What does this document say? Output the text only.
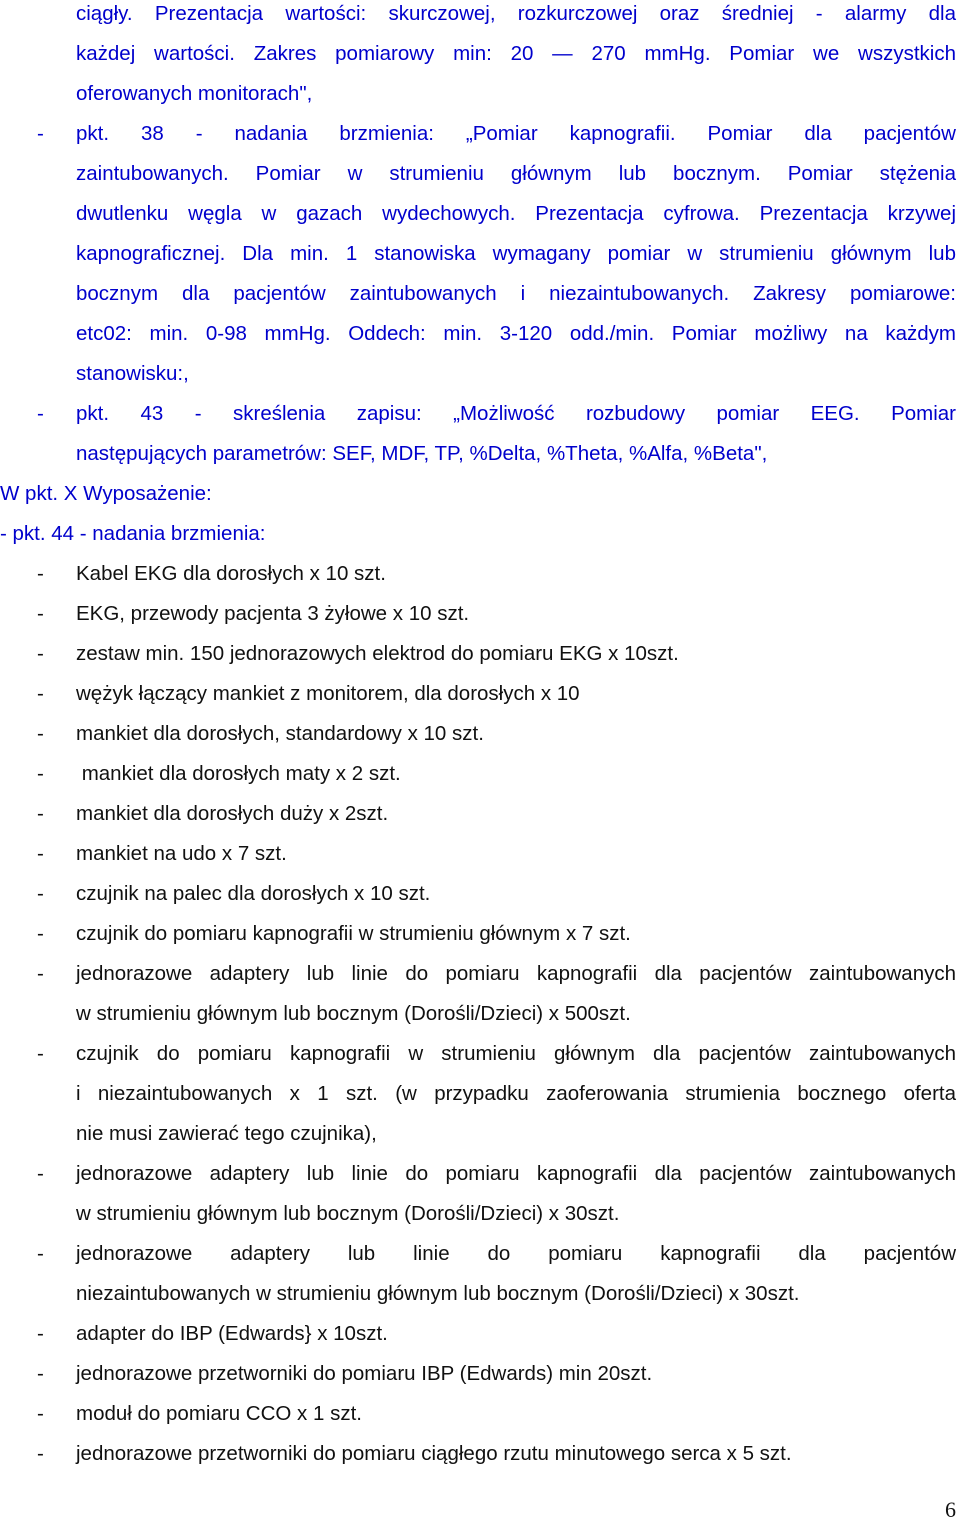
ciągły. Prezentacja wartości: skurczowej, rozkurczowej oraz średniej - alarmy dla
każdej wartości. Zakres pomiarowy min: 20 — 270 mmHg. Pomiar we wszystkich
oferowanych monitorach",
- pkt. 38 - nadania brzmienia: „Pomiar kapnografii. Pomiar dla pacjentów
zaintubowanych. Pomiar w strumieniu głównym lub bocznym. Pomiar stężenia
dwutlenku węgla w gazach wydechowych. Prezentacja cyfrowa. Prezentacja krzywej
kapnograficznej. Dla min. 1 stanowiska wymagany pomiar w strumieniu głównym lub
bocznym dla pacjentów zaintubowanych i niezaintubowanych. Zakresy pomiarowe:
etc02: min. 0-98 mmHg. Oddech: min. 3-120 odd./min. Pomiar możliwy na każdym
stanowisku:,
- pkt. 43 - skreślenia zapisu: „Możliwość rozbudowy pomiar EEG. Pomiar
następujących parametrów: SEF, MDF, TP, %Delta, %Theta, %Alfa, %Beta",
W pkt. X Wyposażenie:
- pkt. 44 - nadania brzmienia:
- Kabel EKG dla dorosłych x 10 szt.
- EKG, przewody pacjenta 3 żyłowe x 10 szt.
- zestaw min. 150 jednorazowych elektrod do pomiaru EKG x 10szt.
- wężyk łączący mankiet z monitorem, dla dorosłych x 10
- mankiet dla dorosłych, standardowy x 10 szt.
- mankiet dla dorosłych maty x 2 szt.
- mankiet dla dorosłych duży x 2szt.
- mankiet na udo x 7 szt.
- czujnik na palec dla dorosłych x 10 szt.
- czujnik do pomiaru kapnografii w strumieniu głównym x 7 szt.
- jednorazowe adaptery lub linie do pomiaru kapnografii dla pacjentów zaintubowanych
w strumieniu głównym lub bocznym (Dorośli/Dzieci) x 500szt.
- czujnik do pomiaru kapnografii w strumieniu głównym dla pacjentów zaintubowanych
i niezaintubowanych x 1 szt. (w przypadku zaoferowania strumienia bocznego oferta
nie musi zawierać tego czujnika),
- jednorazowe adaptery lub linie do pomiaru kapnografii dla pacjentów zaintubowanych
w strumieniu głównym lub bocznym (Dorośli/Dzieci) x 30szt.
- jednorazowe adaptery lub linie do pomiaru kapnografii dla pacjentów
niezaintubowanych w strumieniu głównym lub bocznym (Dorośli/Dzieci) x 30szt.
- adapter do IBP (Edwards} x 10szt.
- jednorazowe przetworniki do pomiaru IBP (Edwards) min 20szt.
- moduł do pomiaru CCO x 1 szt.
- jednorazowe przetworniki do pomiaru ciągłego rzutu minutowego serca x 5 szt.
6
